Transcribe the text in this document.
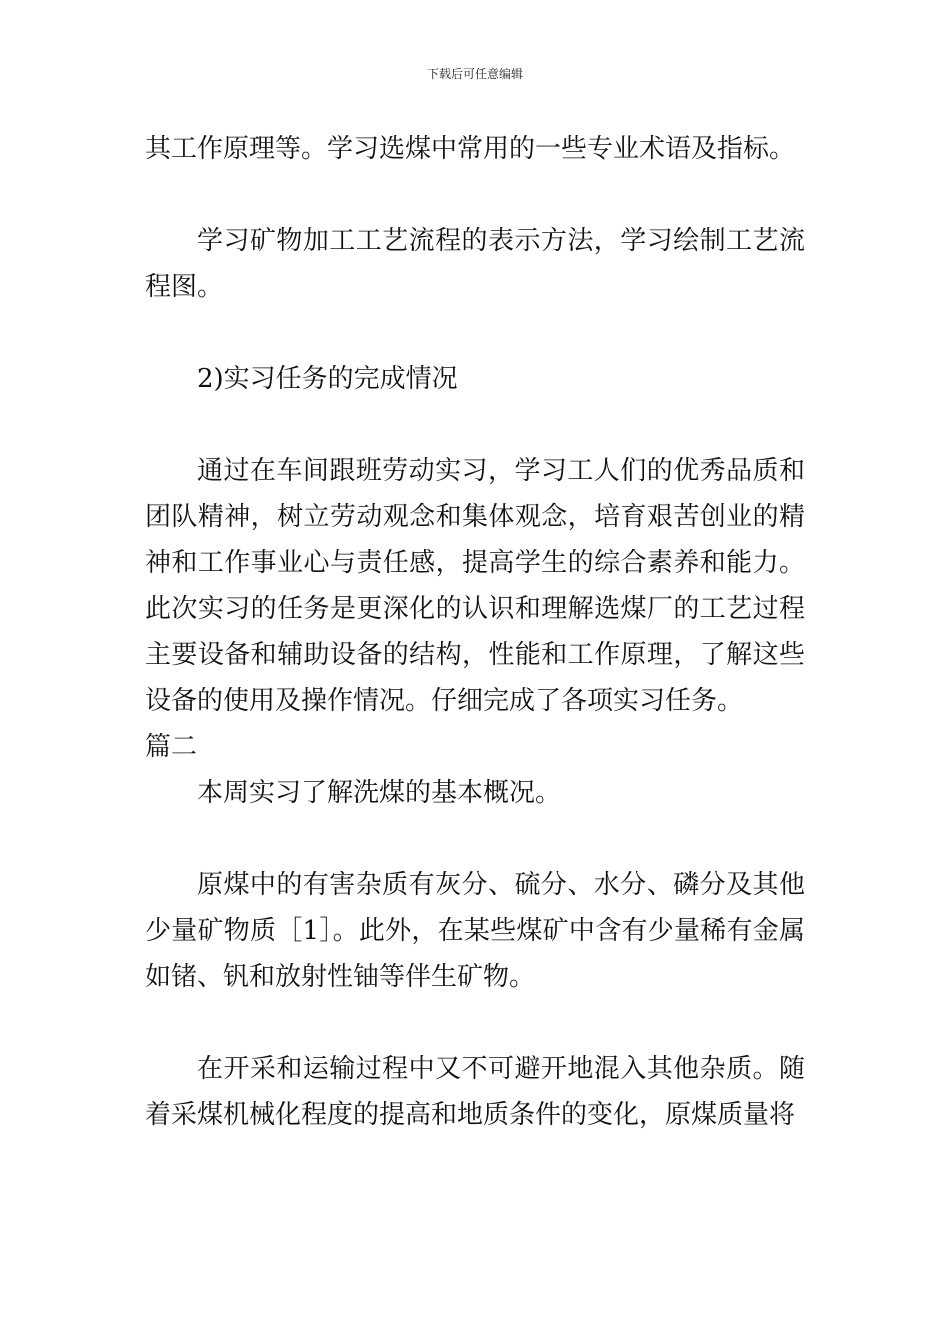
下载后可任意编辑

其工作原理等。学习选煤中常用的一些专业术语及指标。

学习矿物加工工艺流程的表示方法，学习绘制工艺流程图。

2)实习任务的完成情况

通过在车间跟班劳动实习，学习工人们的优秀品质和团队精神，树立劳动观念和集体观念，培育艰苦创业的精神和工作事业心与责任感，提高学生的综合素养和能力。此次实习的任务是更深化的认识和理解选煤厂的工艺过程主要设备和辅助设备的结构，性能和工作原理，了解这些设备的使用及操作情况。仔细完成了各项实习任务。

篇二

本周实习了解洗煤的基本概况。

原煤中的有害杂质有灰分、硫分、水分、磷分及其他少量矿物质［1］。此外，在某些煤矿中含有少量稀有金属如锗、钒和放射性铀等伴生矿物。

在开采和运输过程中又不可避开地混入其他杂质。随着采煤机械化程度的提高和地质条件的变化，原煤质量将
